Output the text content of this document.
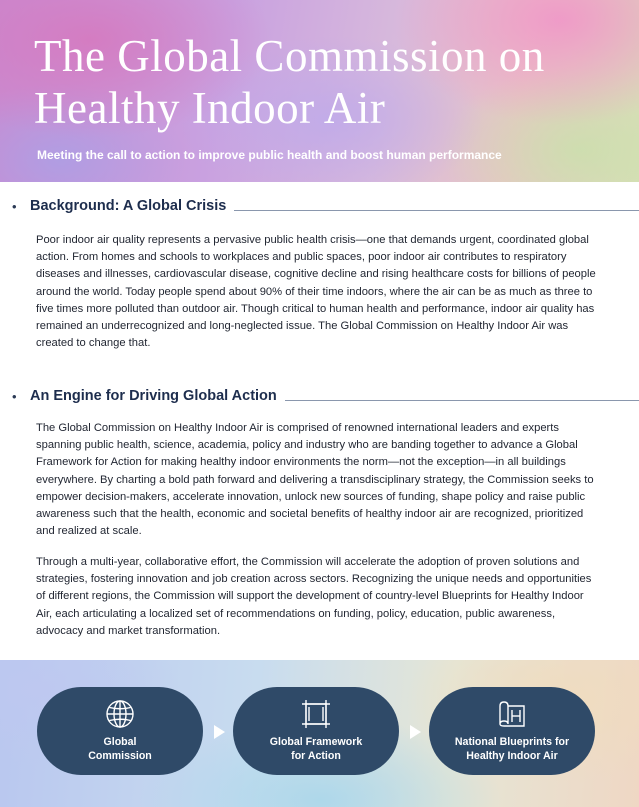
The Global Commission on Healthy Indoor Air

Meeting the call to action to improve public health and boost human performance

• Background: A Global Crisis

Poor indoor air quality represents a pervasive public health crisis—one that demands urgent, coordinated global action. From homes and schools to workplaces and public spaces, poor indoor air contributes to respiratory diseases and illnesses, cardiovascular disease, cognitive decline and rising healthcare costs for billions of people around the world. Today people spend about 90% of their time indoors, where the air can be as much as three to five times more polluted than outdoor air. Though critical to human health and performance, indoor air quality has remained an underrecognized and long-neglected issue. The Global Commission on Healthy Indoor Air was created to change that.

• An Engine for Driving Global Action

The Global Commission on Healthy Indoor Air is comprised of renowned international leaders and experts spanning public health, science, academia, policy and industry who are banding together to advance a Global Framework for Action for making healthy indoor environments the norm—not the exception—in all buildings everywhere. By charting a bold path forward and delivering a transdisciplinary strategy, the Commission seeks to empower decision-makers, accelerate innovation, unlock new sources of funding, shape policy and raise public awareness such that the health, economic and societal benefits of healthy indoor air are recognized, prioritized and realized at scale.

Through a multi-year, collaborative effort, the Commission will accelerate the adoption of proven solutions and strategies, fostering innovation and job creation across sectors. Recognizing the unique needs and opportunities of different regions, the Commission will support the development of country-level Blueprints for Healthy Indoor Air, each articulating a localized set of recommendations on funding, policy, education, public awareness, advocacy and market transformation.

Global
Commission
Global Framework
for Action
National Blueprints for
Healthy Indoor Air
